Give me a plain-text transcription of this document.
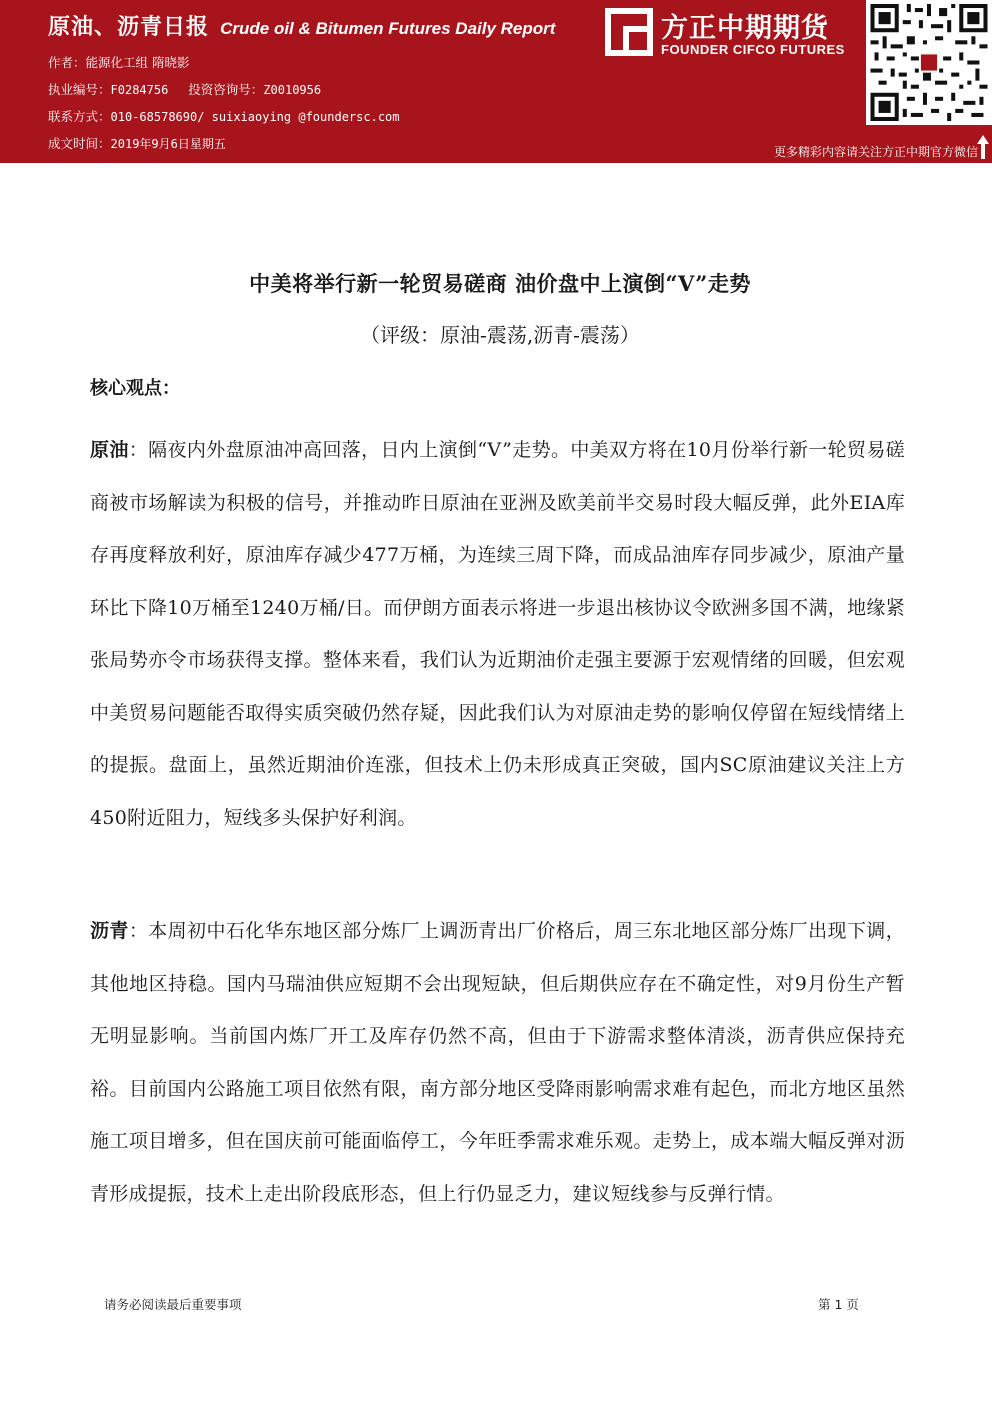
原油、沥青日报 Crude oil & Bitumen Futures Daily Report
作者：能源化工组 隋晓影
执业编号：F0284756 投资咨询号：Z0010956
联系方式：010-68578690/ suixiaoying @foundersc.com
成文时间：2019年9月6日星期五
方正中期期货
FOUNDER CIFCO FUTURES
更多精彩内容请关注方正中期官方微信
中美将举行新一轮贸易磋商 油价盘中上演倒“V”走势
（评级：原油-震荡,沥青-震荡）
核心观点：
原油：隔夜内外盘原油冲高回落，日内上演倒“V”走势。中美双方将在10月份举行新一轮贸易磋商被市场解读为积极的信号，并推动昨日原油在亚洲及欧美前半交易时段大幅反弹，此外EIA库存再度释放利好，原油库存减少477万桶，为连续三周下降，而成品油库存同步减少，原油产量环比下降10万桶至1240万桶/日。而伊朗方面表示将进一步退出核协议令欧洲多国不满，地缘紧张局势亦令市场获得支撑。整体来看，我们认为近期油价走强主要源于宏观情绪的回暖，但宏观中美贸易问题能否取得实质突破仍然存疑，因此我们认为对原油走势的影响仅停留在短线情绪上的提振。盘面上，虽然近期油价连涨，但技术上仍未形成真正突破，国内SC原油建议关注上方450附近阻力，短线多头保护好利润。
沥青：本周初中石化华东地区部分炼厂上调沥青出厂价格后，周三东北地区部分炼厂出现下调，其他地区持稳。国内马瑞油供应短期不会出现短缺，但后期供应存在不确定性，对9月份生产暂无明显影响。当前国内炼厂开工及库存仍然不高，但由于下游需求整体清淡，沥青供应保持充裕。目前国内公路施工项目依然有限，南方部分地区受降雨影响需求难有起色，而北方地区虽然施工项目增多，但在国庆前可能面临停工，今年旺季需求难乐观。走势上，成本端大幅反弹对沥青形成提振，技术上走出阶段底形态，但上行仍显乏力，建议短线参与反弹行情。
请务必阅读最后重要事项	第 1 页
